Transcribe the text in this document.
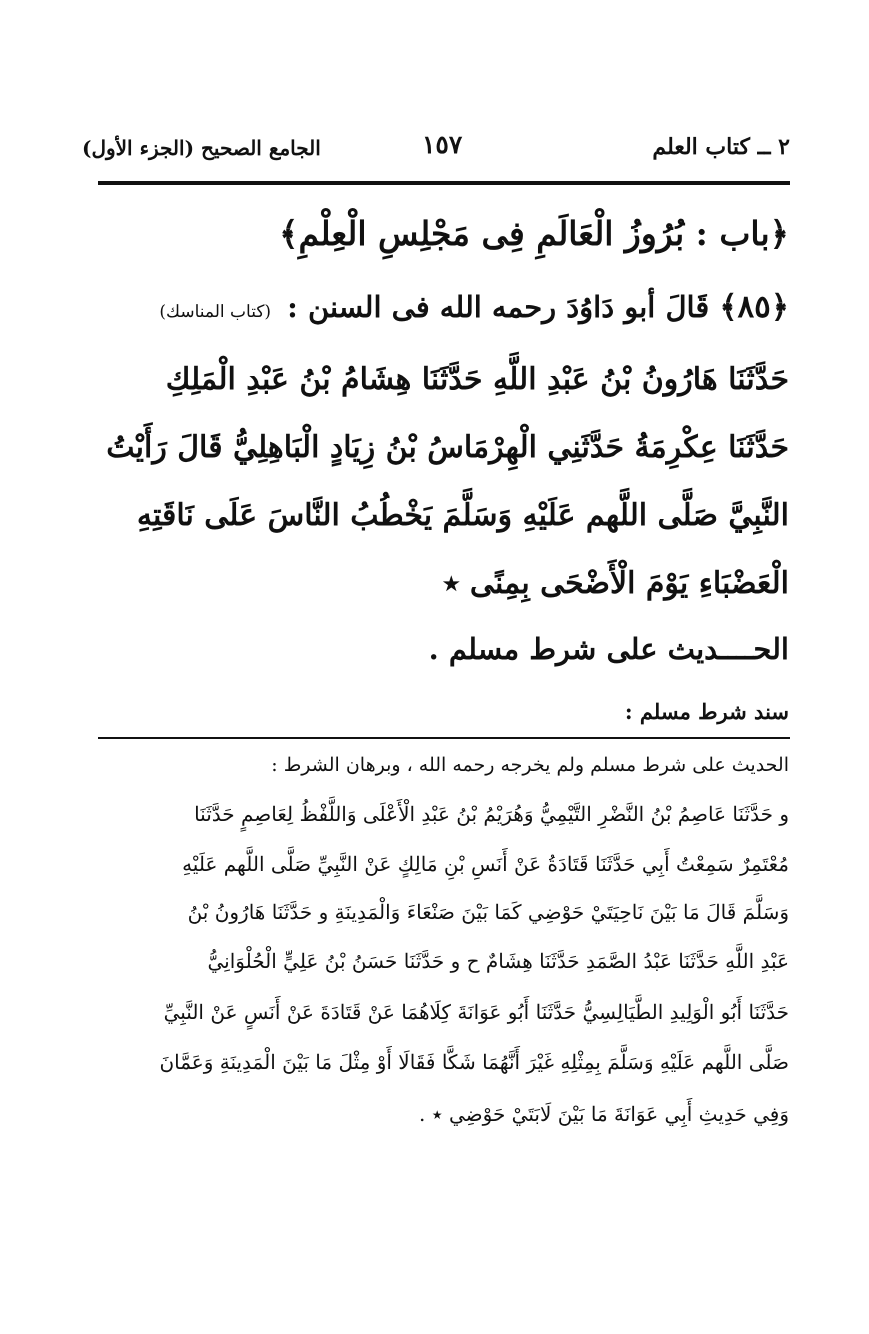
٢ ــ كتاب العلم
١٥٧
الجامع الصحيح (الجزء الأول)
﴿باب : بُرُوزُ الْعَالَمِ فِى مَجْلِسِ الْعِلْمِ﴾
﴿٨٥﴾ قَالَ أبو دَاوُدَ رحمه الله فى السنن : (كتاب المناسك)
حَدَّثَنَا هَارُونُ بْنُ عَبْدِ اللَّهِ حَدَّثَنَا هِشَامُ بْنُ عَبْدِ الْمَلِكِ
حَدَّثَنَا عِكْرِمَةُ حَدَّثَنِي الْهِرْمَاسُ بْنُ زِيَادٍ الْبَاهِلِيُّ قَالَ رَأَيْتُ
النَّبِيَّ صَلَّى اللَّهم عَلَيْهِ وَسَلَّمَ يَخْطُبُ النَّاسَ عَلَى نَاقَتِهِ
الْعَضْبَاءِ يَوْمَ الْأَضْحَى بِمِنًى ٭
الحــــديث على شرط مسلم .
سند شرط مسلم :
الحديث على شرط مسلم ولم يخرجه رحمه الله ، وبرهان الشرط :
و حَدَّثَنَا عَاصِمُ بْنُ النَّضْرِ التَّيْمِيُّ وَهُرَيْمُ بْنُ عَبْدِ الْأَعْلَى وَاللَّفْظُ لِعَاصِمٍ حَدَّثَنَا
مُعْتَمِرٌ سَمِعْتُ أَبِي حَدَّثَنَا قَتَادَةُ عَنْ أَنَسِ بْنِ مَالِكٍ عَنْ النَّبِيِّ صَلَّى اللَّهم عَلَيْهِ
وَسَلَّمَ قَالَ مَا بَيْنَ نَاحِيَتَيْ حَوْضِي كَمَا بَيْنَ صَنْعَاءَ وَالْمَدِينَةِ و حَدَّثَنَا هَارُونُ بْنُ
عَبْدِ اللَّهِ حَدَّثَنَا عَبْدُ الصَّمَدِ حَدَّثَنَا هِشَامٌ ح و حَدَّثَنَا حَسَنُ بْنُ عَلِيٍّ الْحُلْوَانِيُّ
حَدَّثَنَا أَبُو الْوَلِيدِ الطَّيَالِسِيُّ حَدَّثَنَا أَبُو عَوَانَةَ كِلَاهُمَا عَنْ قَتَادَةَ عَنْ أَنَسٍ عَنْ النَّبِيِّ
صَلَّى اللَّهم عَلَيْهِ وَسَلَّمَ بِمِثْلِهِ غَيْرَ أَنَّهُمَا شَكَّا فَقَالَا أَوْ مِثْلَ مَا بَيْنَ الْمَدِينَةِ وَعَمَّانَ
وَفِي حَدِيثِ أَبِي عَوَانَةَ مَا بَيْنَ لَابَتَيْ حَوْضِي ٭ .
